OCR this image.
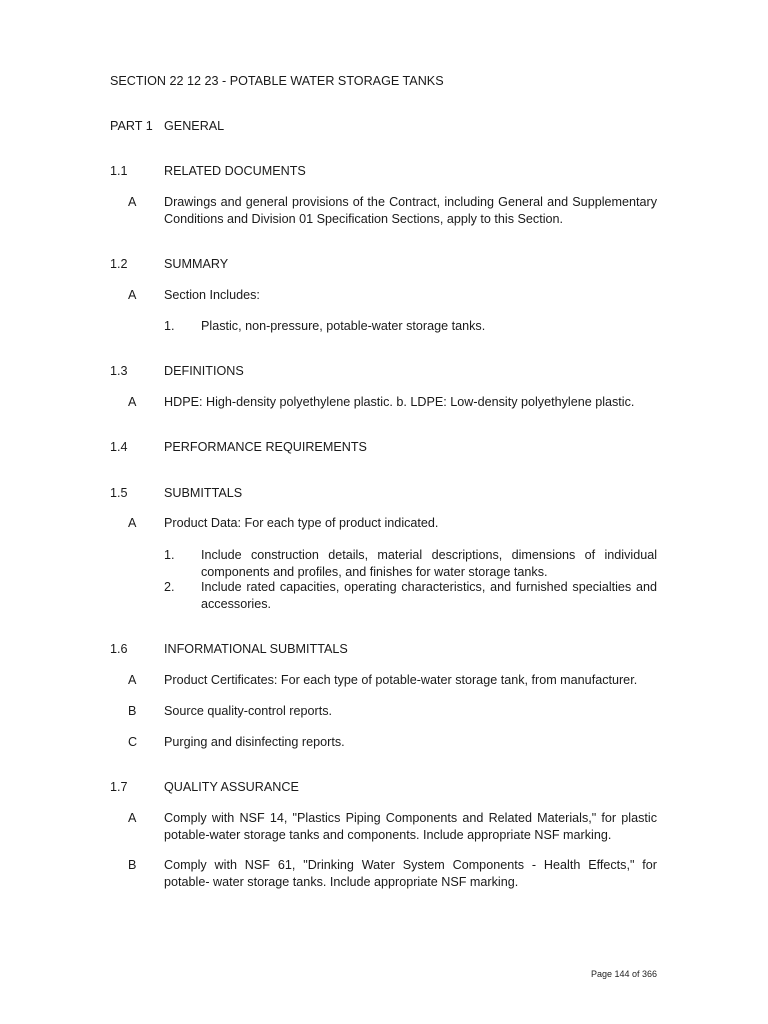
SECTION 22 12 23 - POTABLE WATER STORAGE TANKS
PART 1 GENERAL
1.1	RELATED DOCUMENTS
A Drawings and general provisions of the Contract, including General and Supplementary Conditions and Division 01 Specification Sections, apply to this Section.
1.2	SUMMARY
A Section Includes:
1. Plastic, non-pressure, potable-water storage tanks.
1.3	DEFINITIONS
A HDPE: High-density polyethylene plastic. b. LDPE: Low-density polyethylene plastic.
1.4	PERFORMANCE REQUIREMENTS
1.5	SUBMITTALS
A Product Data: For each type of product indicated.
1. Include construction details, material descriptions, dimensions of individual components and profiles, and finishes for water storage tanks.
2. Include rated capacities, operating characteristics, and furnished specialties and accessories.
1.6	INFORMATIONAL SUBMITTALS
A Product Certificates: For each type of potable-water storage tank, from manufacturer.
B Source quality-control reports.
C Purging and disinfecting reports.
1.7	QUALITY ASSURANCE
A Comply with NSF 14, "Plastics Piping Components and Related Materials," for plastic potable-water storage tanks and components. Include appropriate NSF marking.
B Comply with NSF 61, "Drinking Water System Components - Health Effects," for potable- water storage tanks. Include appropriate NSF marking.
Page 144 of 366
